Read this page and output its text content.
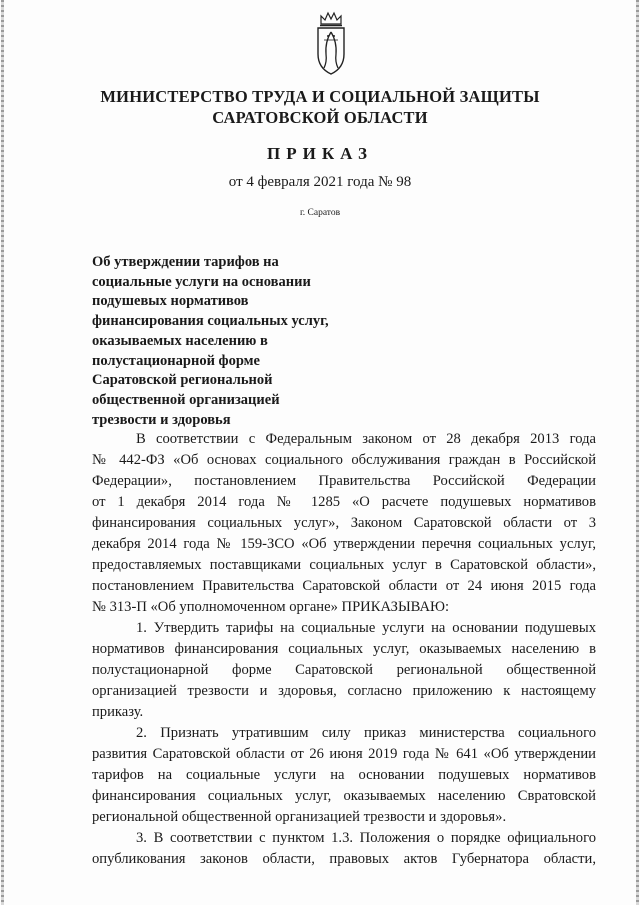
МИНИСТЕРСТВО ТРУДА И СОЦИАЛЬНОЙ ЗАЩИТЫ
САРАТОВСКОЙ ОБЛАСТИ
ПРИКАЗ
от 4 февраля 2021 года № 98
г. Саратов
Об утверждении тарифов на
социальные услуги на основании
подушевых нормативов
финансирования социальных услуг,
оказываемых населению в
полустационарной форме
Саратовской региональной
общественной организацией
трезвости и здоровья
В соответствии с Федеральным законом от 28 декабря 2013 года
№ 442-ФЗ «Об основах социального обслуживания граждан в Российской
Федерации», постановлением Правительства Российской Федерации
от 1 декабря 2014 года № 1285 «О расчете подушевых нормативов
финансирования социальных услуг», Законом Саратовской области от 3
декабря 2014 года № 159-ЗСО «Об утверждении перечня социальных услуг,
предоставляемых поставщиками социальных услуг в Саратовской области»,
постановлением Правительства Саратовской области от 24 июня 2015 года
№ 313-П «Об уполномоченном органе» ПРИКАЗЫВАЮ:
1. Утвердить тарифы на социальные услуги на основании подушевых
нормативов финансирования социальных услуг, оказываемых населению в
полустационарной форме Саратовской региональной общественной
организацией трезвости и здоровья, согласно приложению к настоящему
приказу.
2. Признать утратившим силу приказ министерства социального
развития Саратовской области от 26 июня 2019 года № 641 «Об утверждении
тарифов на социальные услуги на основании подушевых нормативов
финансирования социальных услуг, оказываемых населению Свратовской
региональной общественной организацией трезвости и здоровья».
3. В соответствии с пунктом 1.3. Положения о порядке официального
опубликования законов области, правовых актов Губернатора области,
